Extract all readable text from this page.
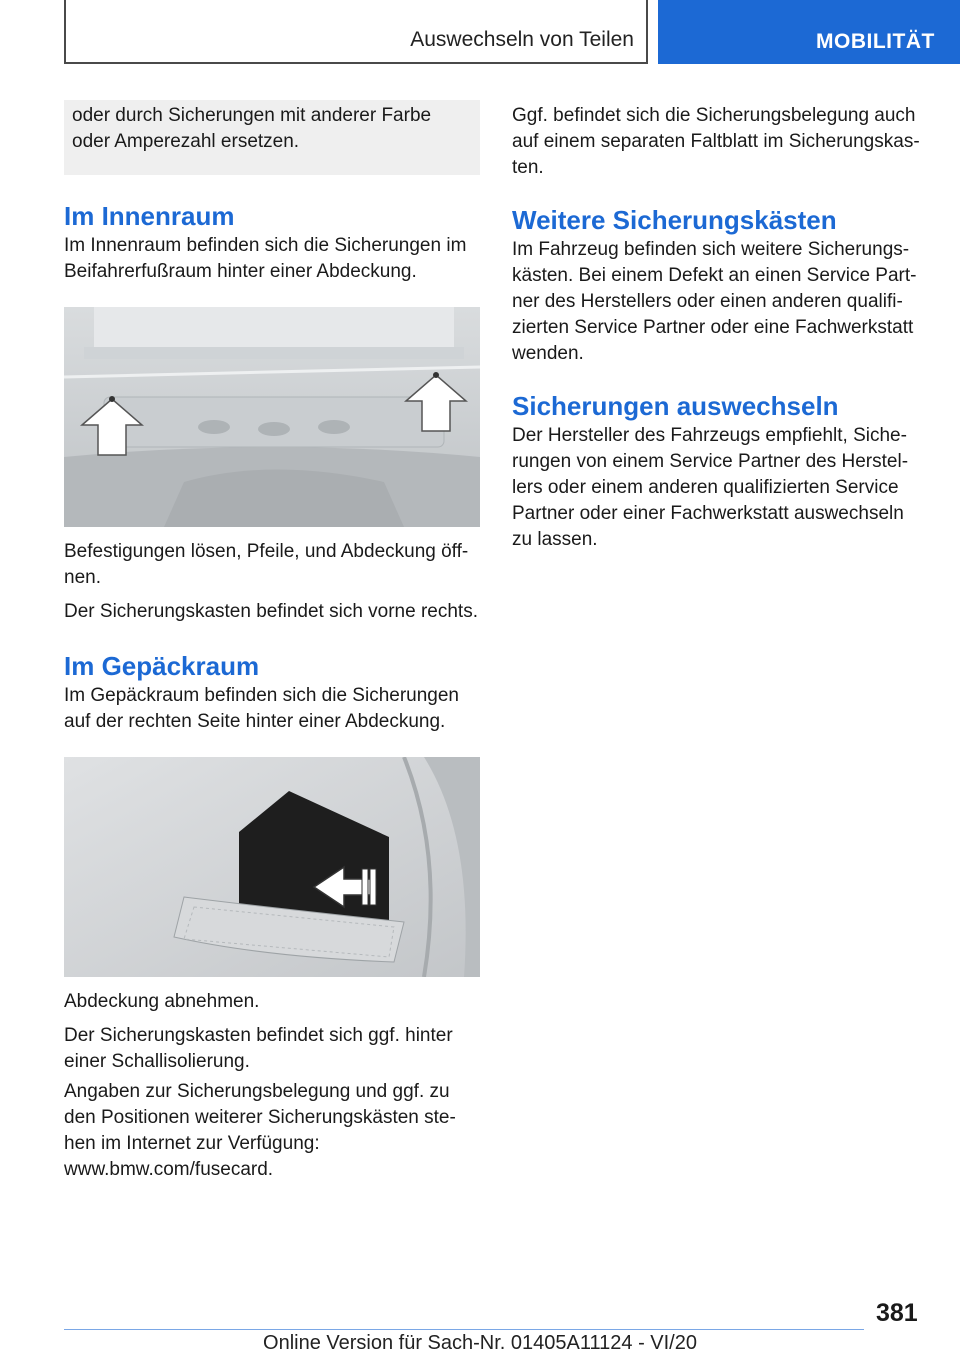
Auswechseln von Teilen	MOBILITÄT

oder durch Sicherungen mit anderer Farbe oder Amperezahl ersetzen.

Im Innenraum

Im Innenraum befinden sich die Sicherungen im Beifahrerfußraum hinter einer Abdeckung.

Befestigungen lösen, Pfeile, und Abdeckung öff-nen.

Der Sicherungskasten befindet sich vorne rechts.

Im Gepäckraum

Im Gepäckraum befinden sich die Sicherungen auf der rechten Seite hinter einer Abdeckung.

Abdeckung abnehmen.

Der Sicherungskasten befindet sich ggf. hinter einer Schallisolierung.

Angaben zur Sicherungsbelegung und ggf. zu den Positionen weiterer Sicherungskästen ste-hen im Internet zur Verfügung: www.bmw.com/fusecard.

Ggf. befindet sich die Sicherungsbelegung auch auf einem separaten Faltblatt im Sicherungskas-ten.

Weitere Sicherungskästen

Im Fahrzeug befinden sich weitere Sicherungs-kästen. Bei einem Defekt an einen Service Part-ner des Herstellers oder einen anderen qualifi-zierten Service Partner oder eine Fachwerkstatt wenden.

Sicherungen auswechseln

Der Hersteller des Fahrzeugs empfiehlt, Siche-rungen von einem Service Partner des Herstel-lers oder einem anderen qualifizierten Service Partner oder einer Fachwerkstatt auswechseln zu lassen.

381
Online Version für Sach-Nr. 01405A11124 - VI/20
